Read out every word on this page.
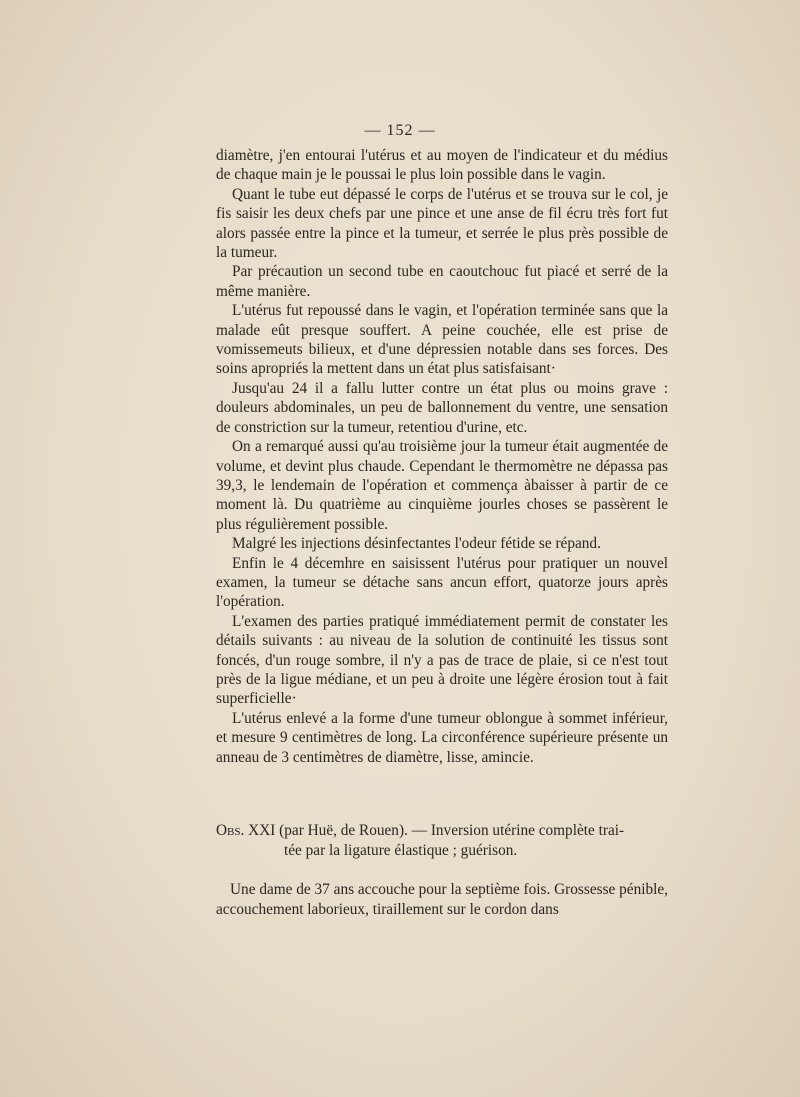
— 152 —

diamètre, j'en entourai l'utérus et au moyen de l'indicateur et du médius de chaque main je le poussai le plus loin possible dans le vagin.

Quant le tube eut dépassé le corps de l'utérus et se trouva sur le col, je fis saisir les deux chefs par une pince et une anse de fil écru très fort fut alors passée entre la pince et la tumeur, et serrée le plus près possible de la tumeur.

Par précaution un second tube en caoutchouc fut piacé et serré de la même manière.

L'utérus fut repoussé dans le vagin, et l'opération terminée sans que la malade eût presque souffert. A peine couchée, elle est prise de vomissemeuts bilieux, et d'une dépressien notable dans ses forces. Des soins apropriés la mettent dans un état plus satisfaisant·

Jusqu'au 24 il a fallu lutter contre un état plus ou moins grave : douleurs abdominales, un peu de ballonnement du ventre, une sensation de constriction sur la tumeur, retentiou d'urine, etc.

On a remarqué aussi qu'au troisième jour la tumeur était augmentée de volume, et devint plus chaude. Cependant le thermomètre ne dépassa pas 39,3, le lendemain de l'opération et commença àbaisser à partir de ce moment là. Du quatrième au cinquième jourles choses se passèrent le plus régulièrement possible.

Malgré les injections désinfectantes l'odeur fétide se répand.

Enfin le 4 décemhre en saisissent l'utérus pour pratiquer un nouvel examen, la tumeur se détache sans ancun effort, quatorze jours après l'opération.

L'examen des parties pratiqué immédiatement permit de constater les détails suivants : au niveau de la solution de continuité les tissus sont foncés, d'un rouge sombre, il n'y a pas de trace de plaie, si ce n'est tout près de la ligue médiane, et un peu à droite une légère érosion tout à fait superficielle·

L'utérus enlevé a la forme d'une tumeur oblongue à sommet inférieur, et mesure 9 centimètres de long. La circonférence supérieure présente un anneau de 3 centimètres de diamètre, lisse, amincie.

Obs. XXI (par Huë, de Rouen). — Inversion utérine complète trai-
tée par la ligature élastique ; guérison.

Une dame de 37 ans accouche pour la septième fois. Grossesse pénible, accouchement laborieux, tiraillement sur le cordon dans
